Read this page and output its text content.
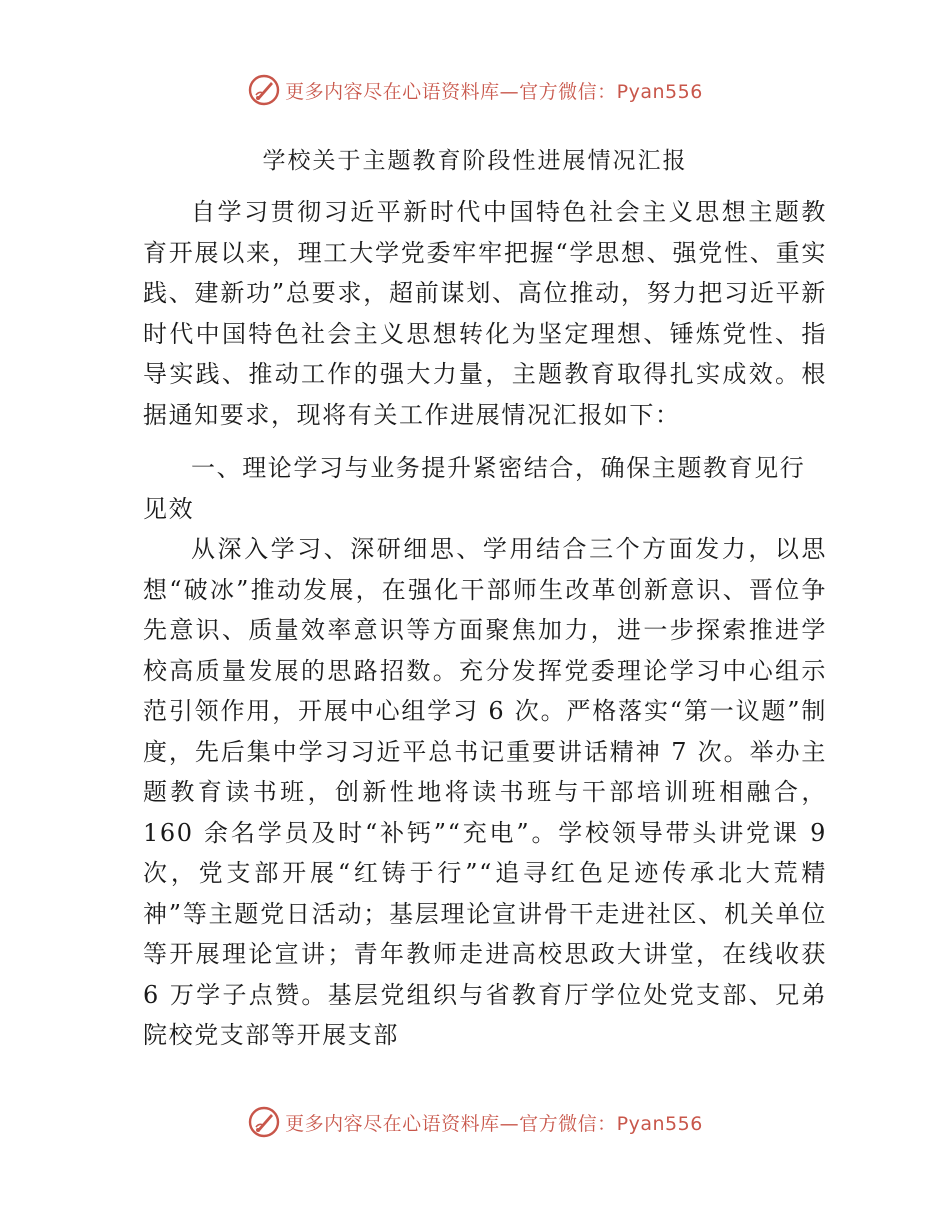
更多内容尽在心语资料库—官方微信：Pyan556
学校关于主题教育阶段性进展情况汇报

自学习贯彻习近平新时代中国特色社会主义思想主题教育开展以来，理工大学党委牢牢把握“学思想、强党性、重实践、建新功”总要求，超前谋划、高位推动，努力把习近平新时代中国特色社会主义思想转化为坚定理想、锤炼党性、指导实践、推动工作的强大力量，主题教育取得扎实成效。根据通知要求，现将有关工作进展情况汇报如下：

一、理论学习与业务提升紧密结合，确保主题教育见行见效

从深入学习、深研细思、学用结合三个方面发力，以思想“破冰”推动发展，在强化干部师生改革创新意识、晋位争先意识、质量效率意识等方面聚焦加力，进一步探索推进学校高质量发展的思路招数。充分发挥党委理论学习中心组示范引领作用，开展中心组学习 6 次。严格落实“第一议题”制度，先后集中学习习近平总书记重要讲话精神 7 次。举办主题教育读书班，创新性地将读书班与干部培训班相融合，160 余名学员及时“补钙”“充电”。学校领导带头讲党课 9 次，党支部开展“红铸于行”“追寻红色足迹传承北大荒精神”等主题党日活动；基层理论宣讲骨干走进社区、机关单位等开展理论宣讲；青年教师走进高校思政大讲堂，在线收获 6 万学子点赞。基层党组织与省教育厅学位处党支部、兄弟院校党支部等开展支部

更多内容尽在心语资料库—官方微信：Pyan556
